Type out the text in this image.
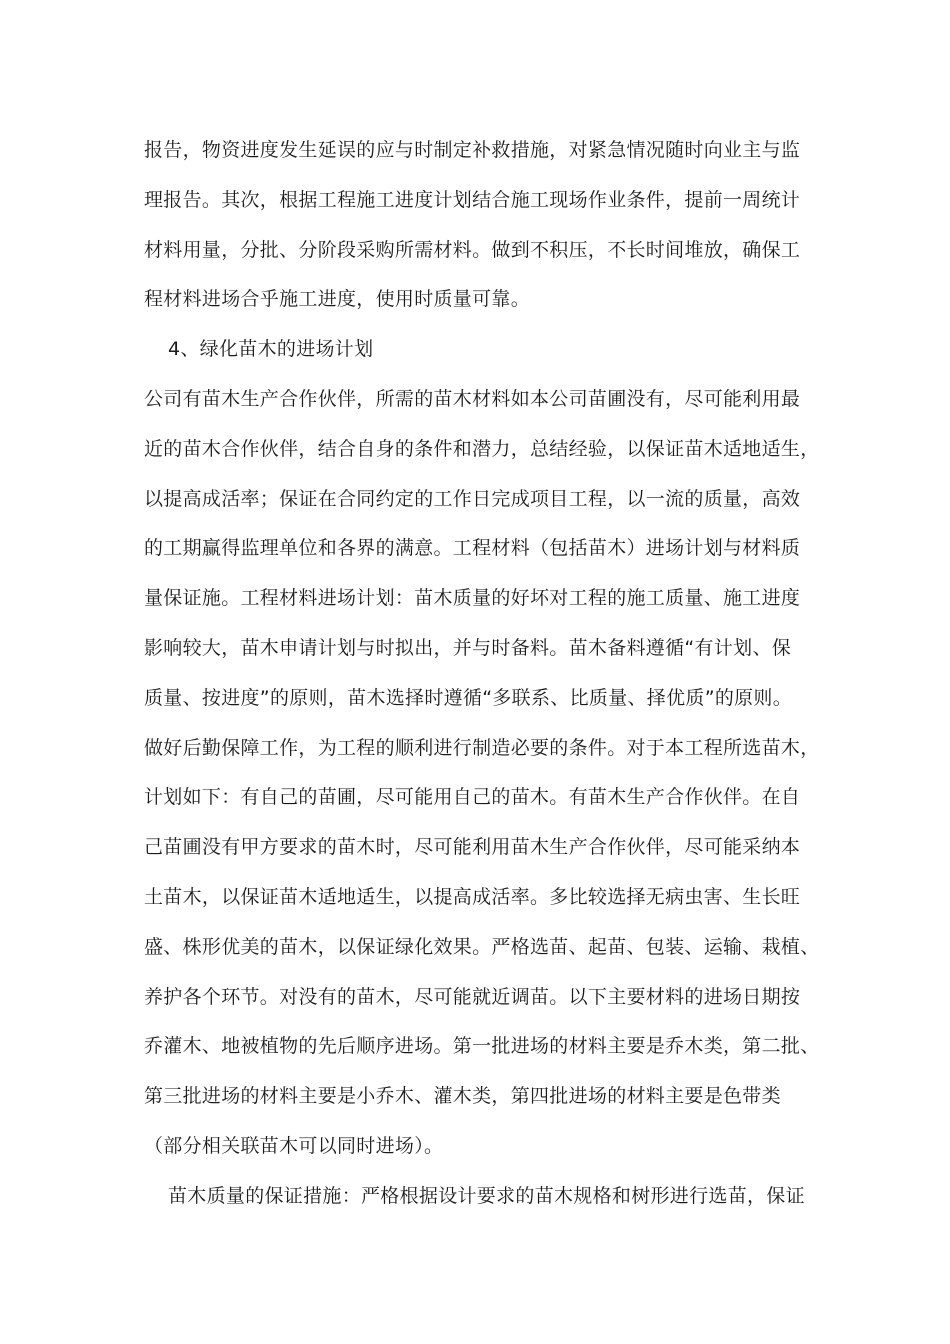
报告，物资进度发生延误的应与时制定补救措施，对紧急情况随时向业主与监
理报告。其次，根据工程施工进度计划结合施工现场作业条件，提前一周统计
材料用量，分批、分阶段采购所需材料。做到不积压，不长时间堆放，确保工
程材料进场合乎施工进度，使用时质量可靠。
4、绿化苗木的进场计划
公司有苗木生产合作伙伴，所需的苗木材料如本公司苗圃没有，尽可能利用最
近的苗木合作伙伴，结合自身的条件和潜力，总结经验，以保证苗木适地适生，
以提高成活率；保证在合同约定的工作日完成项目工程，以一流的质量，高效
的工期赢得监理单位和各界的满意。工程材料（包括苗木）进场计划与材料质
量保证施。工程材料进场计划：苗木质量的好坏对工程的施工质量、施工进度
影响较大，苗木申请计划与时拟出，并与时备料。苗木备料遵循“有计划、保
质量、按进度”的原则，苗木选择时遵循“多联系、比质量、择优质”的原则。
做好后勤保障工作，为工程的顺利进行制造必要的条件。对于本工程所选苗木，
计划如下：有自己的苗圃，尽可能用自己的苗木。有苗木生产合作伙伴。在自
己苗圃没有甲方要求的苗木时，尽可能利用苗木生产合作伙伴，尽可能采纳本
土苗木，以保证苗木适地适生，以提高成活率。多比较选择无病虫害、生长旺
盛、株形优美的苗木，以保证绿化效果。严格选苗、起苗、包装、运输、栽植、
养护各个环节。对没有的苗木，尽可能就近调苗。以下主要材料的进场日期按
乔灌木、地被植物的先后顺序进场。第一批进场的材料主要是乔木类，第二批、
第三批进场的材料主要是小乔木、灌木类，第四批进场的材料主要是色带类
（部分相关联苗木可以同时进场）。
苗木质量的保证措施：严格根据设计要求的苗木规格和树形进行选苗，保证
